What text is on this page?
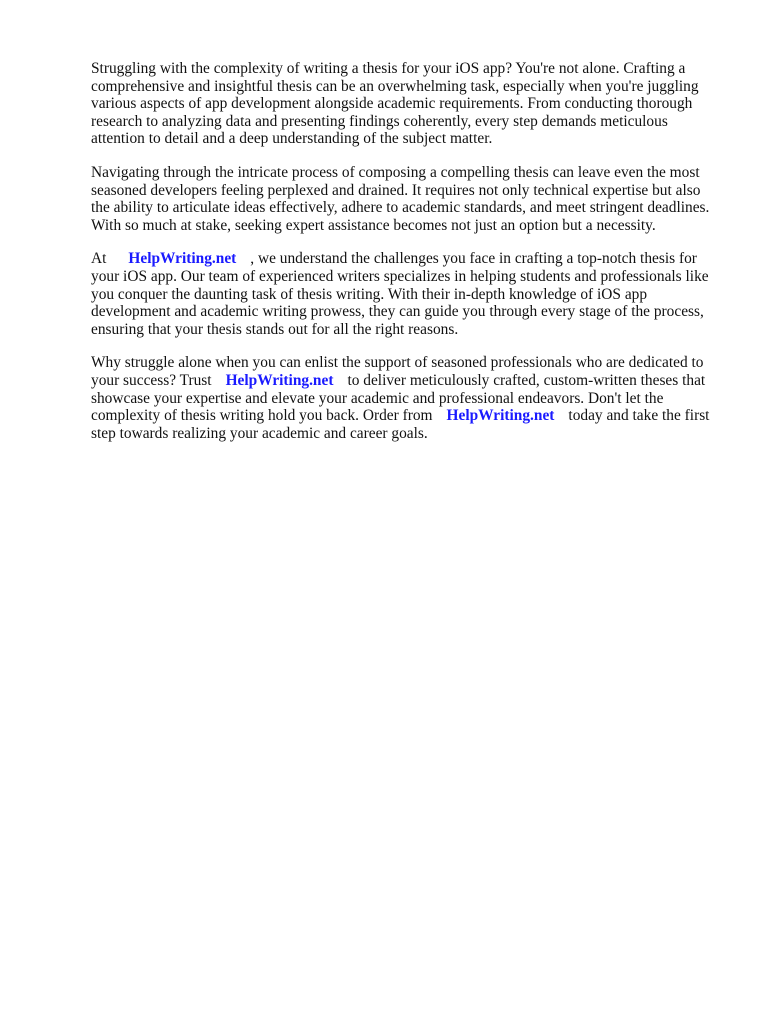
Struggling with the complexity of writing a thesis for your iOS app? You're not alone. Crafting a comprehensive and insightful thesis can be an overwhelming task, especially when you're juggling various aspects of app development alongside academic requirements. From conducting thorough research to analyzing data and presenting findings coherently, every step demands meticulous attention to detail and a deep understanding of the subject matter.

Navigating through the intricate process of composing a compelling thesis can leave even the most seasoned developers feeling perplexed and drained. It requires not only technical expertise but also the ability to articulate ideas effectively, adhere to academic standards, and meet stringent deadlines. With so much at stake, seeking expert assistance becomes not just an option but a necessity.

At HelpWriting.net , we understand the challenges you face in crafting a top-notch thesis for your iOS app. Our team of experienced writers specializes in helping students and professionals like you conquer the daunting task of thesis writing. With their in-depth knowledge of iOS app development and academic writing prowess, they can guide you through every stage of the process, ensuring that your thesis stands out for all the right reasons.

Why struggle alone when you can enlist the support of seasoned professionals who are dedicated to your success? Trust HelpWriting.net to deliver meticulously crafted, custom-written theses that showcase your expertise and elevate your academic and professional endeavors. Don't let the complexity of thesis writing hold you back. Order from HelpWriting.net today and take the first step towards realizing your academic and career goals.
